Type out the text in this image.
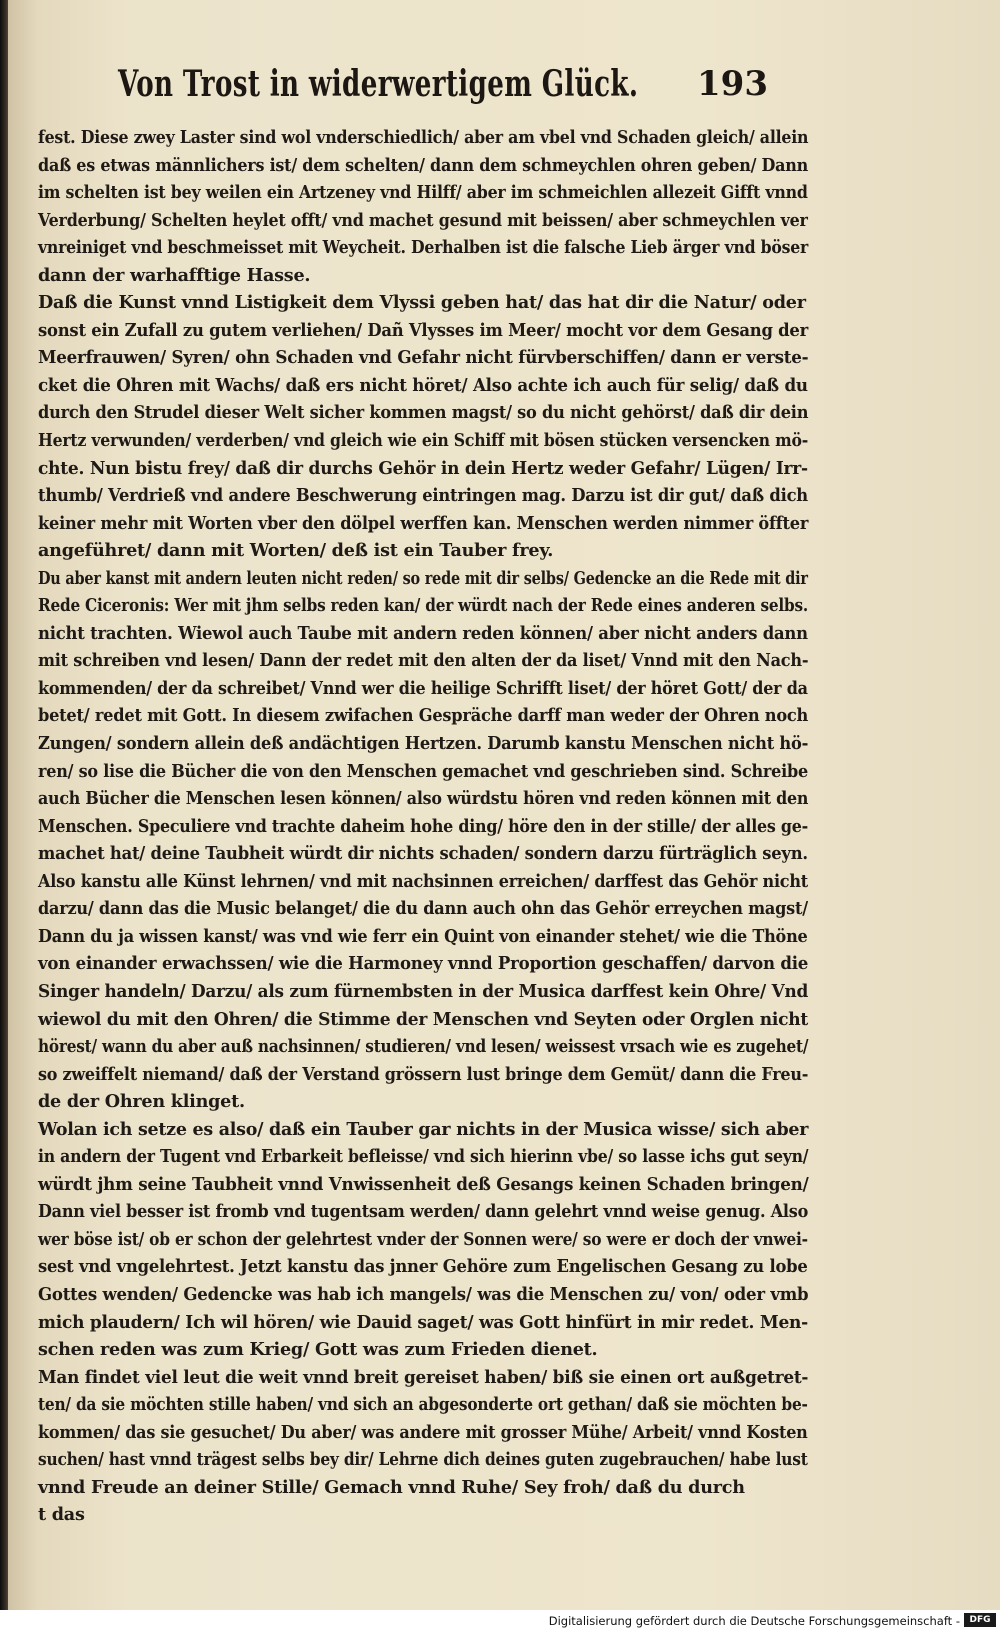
Von Trost in widerwertigem Glück. 193
fest. Diese zwey Laster sind wol vnderschiedlich/ aber am vbel vnd Schaden gleich/ allein
daß es etwas männlichers ist/ dem schelten/ dann dem schmeychlen ohren geben/ Dann
im schelten ist bey weilen ein Artzeney vnd Hilff/ aber im schmeichlen allezeit Gifft vnnd
Verderbung/ Schelten heylet offt/ vnd machet gesund mit beissen/ aber schmeychlen ver
vnreiniget vnd beschmeisset mit Weycheit. Derhalben ist die falsche Lieb ärger vnd böser
dann der warhafftige Hasse.
Daß die Kunst vnnd Listigkeit dem Vlyssi geben hat/ das hat dir die Natur/ oder
sonst ein Zufall zu gutem verliehen/ Dañ Vlysses im Meer/ mocht vor dem Gesang der
Meerfrauwen/ Syren/ ohn Schaden vnd Gefahr nicht fürvberschiffen/ dann er verste-
cket die Ohren mit Wachs/ daß ers nicht höret/ Also achte ich auch für selig/ daß du
durch den Strudel dieser Welt sicher kommen magst/ so du nicht gehörst/ daß dir dein
Hertz verwunden/ verderben/ vnd gleich wie ein Schiff mit bösen stücken versencken mö-
chte. Nun bistu frey/ daß dir durchs Gehör in dein Hertz weder Gefahr/ Lügen/ Irr-
thumb/ Verdrieß vnd andere Beschwerung eintringen mag. Darzu ist dir gut/ daß dich
keiner mehr mit Worten vber den dölpel werffen kan. Menschen werden nimmer öffter
angeführet/ dann mit Worten/ deß ist ein Tauber frey.
Du aber kanst mit andern leuten nicht reden/ so rede mit dir selbs/ Gedencke an die Rede mit dir
Rede Ciceronis: Wer mit jhm selbs reden kan/ der würdt nach der Rede eines anderen selbs.
nicht trachten. Wiewol auch Taube mit andern reden können/ aber nicht anders dann
mit schreiben vnd lesen/ Dann der redet mit den alten der da liset/ Vnnd mit den Nach-
kommenden/ der da schreibet/ Vnnd wer die heilige Schrifft liset/ der höret Gott/ der da
betet/ redet mit Gott. In diesem zwifachen Gespräche darff man weder der Ohren noch
Zungen/ sondern allein deß andächtigen Hertzen. Darumb kanstu Menschen nicht hö-
ren/ so lise die Bücher die von den Menschen gemachet vnd geschrieben sind. Schreibe
auch Bücher die Menschen lesen können/ also würdstu hören vnd reden können mit den
Menschen. Speculiere vnd trachte daheim hohe ding/ höre den in der stille/ der alles ge-
machet hat/ deine Taubheit würdt dir nichts schaden/ sondern darzu fürträglich seyn.
Also kanstu alle Künst lehrnen/ vnd mit nachsinnen erreichen/ darffest das Gehör nicht
darzu/ dann das die Music belanget/ die du dann auch ohn das Gehör erreychen magst/
Dann du ja wissen kanst/ was vnd wie ferr ein Quint von einander stehet/ wie die Thöne
von einander erwachssen/ wie die Harmoney vnnd Proportion geschaffen/ darvon die
Singer handeln/ Darzu/ als zum fürnembsten in der Musica darffest kein Ohre/ Vnd
wiewol du mit den Ohren/ die Stimme der Menschen vnd Seyten oder Orglen nicht
hörest/ wann du aber auß nachsinnen/ studieren/ vnd lesen/ weissest vrsach wie es zugehet/
so zweiffelt niemand/ daß der Verstand grössern lust bringe dem Gemüt/ dann die Freu-
de der Ohren klinget.
Wolan ich setze es also/ daß ein Tauber gar nichts in der Musica wisse/ sich aber
in andern der Tugent vnd Erbarkeit befleisse/ vnd sich hierinn vbe/ so lasse ichs gut seyn/
würdt jhm seine Taubheit vnnd Vnwissenheit deß Gesangs keinen Schaden bringen/
Dann viel besser ist fromb vnd tugentsam werden/ dann gelehrt vnnd weise genug. Also
wer böse ist/ ob er schon der gelehrtest vnder der Sonnen were/ so were er doch der vnwei-
sest vnd vngelehrtest. Jetzt kanstu das jnner Gehöre zum Engelischen Gesang zu lobe
Gottes wenden/ Gedencke was hab ich mangels/ was die Menschen zu/ von/ oder vmb
mich plaudern/ Ich wil hören/ wie Dauid saget/ was Gott hinfürt in mir redet. Men-
schen reden was zum Krieg/ Gott was zum Frieden dienet.
Man findet viel leut die weit vnnd breit gereiset haben/ biß sie einen ort außgetret-
ten/ da sie möchten stille haben/ vnd sich an abgesonderte ort gethan/ daß sie möchten be-
kommen/ das sie gesuchet/ Du aber/ was andere mit grosser Mühe/ Arbeit/ vnnd Kosten
suchen/ hast vnnd trägest selbs bey dir/ Lehrne dich deines guten zugebrauchen/ habe lust
vnnd Freude an deiner Stille/ Gemach vnnd Ruhe/ Sey froh/ daß du durch
t das
Digitalisierung gefördert durch die Deutsche Forschungsgemeinschaft -	DFG
